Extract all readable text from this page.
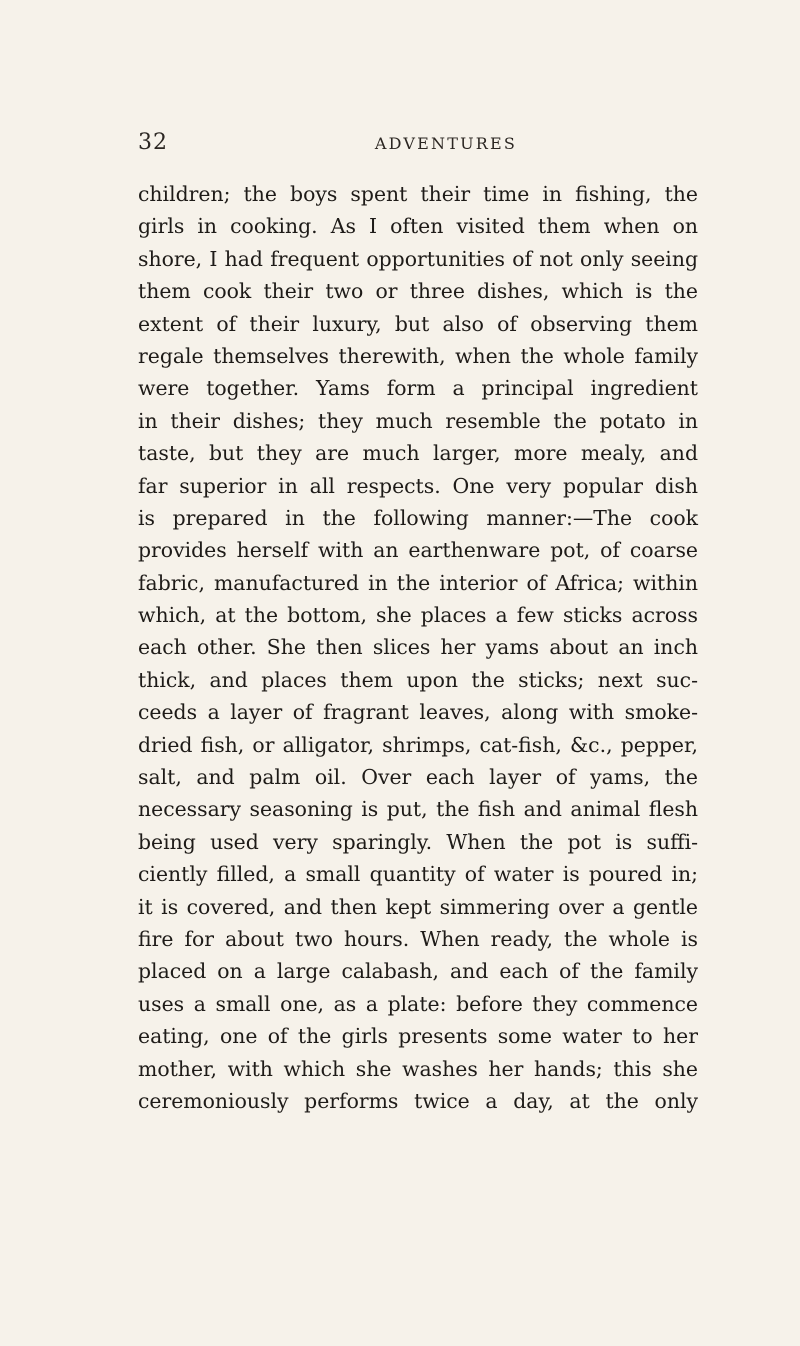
32	ADVENTURES
children; the boys spent their time in fishing, the
girls in cooking. As I often visited them when on
shore, I had frequent opportunities of not only seeing
them cook their two or three dishes, which is the
extent of their luxury, but also of observing them
regale themselves therewith, when the whole family
were together. Yams form a principal ingredient
in their dishes; they much resemble the potato in
taste, but they are much larger, more mealy, and
far superior in all respects. One very popular dish
is prepared in the following manner:—The cook
provides herself with an earthenware pot, of coarse
fabric, manufactured in the interior of Africa; within
which, at the bottom, she places a few sticks across
each other. She then slices her yams about an inch
thick, and places them upon the sticks; next suc-
ceeds a layer of fragrant leaves, along with smoke-
dried fish, or alligator, shrimps, cat-fish, &c., pepper,
salt, and palm oil. Over each layer of yams, the
necessary seasoning is put, the fish and animal flesh
being used very sparingly. When the pot is suffi-
ciently filled, a small quantity of water is poured in;
it is covered, and then kept simmering over a gentle
fire for about two hours. When ready, the whole is
placed on a large calabash, and each of the family
uses a small one, as a plate: before they commence
eating, one of the girls presents some water to her
mother, with which she washes her hands; this she
ceremoniously performs twice a day, at the only
